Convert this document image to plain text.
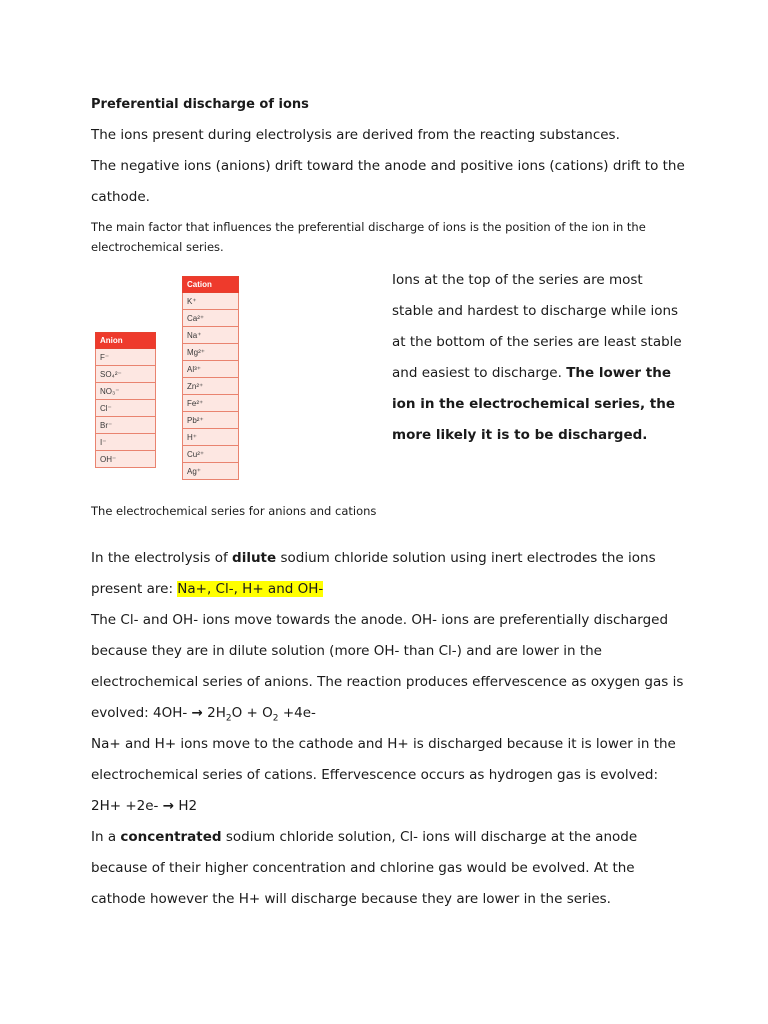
Preferential discharge of ions
The ions present during electrolysis are derived from the reacting substances.
The negative ions (anions) drift toward the anode and positive ions (cations) drift to the
cathode.
The main factor that influences the preferential discharge of ions is the position of the ion in the
electrochemical series.
Anion
F⁻
SO₄²⁻
NO₃⁻
Cl⁻
Br⁻
I⁻
OH⁻
Cation
K⁺
Ca²⁺
Na⁺
Mg²⁺
Al³⁺
Zn²⁺
Fe²⁺
Pb²⁺
H⁺
Cu²⁺
Ag⁺
Ions at the top of the series are most
stable and hardest to discharge while ions
at the bottom of the series are least stable
and easiest to discharge. The lower the
ion in the electrochemical series, the
more likely it is to be discharged.
The electrochemical series for anions and cations
In the electrolysis of dilute sodium chloride solution using inert electrodes the ions
present are: Na+, Cl-, H+ and OH-
The Cl- and OH- ions move towards the anode. OH- ions are preferentially discharged
because they are in dilute solution (more OH- than Cl-) and are lower in the
electrochemical series of anions. The reaction produces effervescence as oxygen gas is
evolved: $4OH- \to 2H_2O + O_2 +4e-$
Na+ and H+ ions move to the cathode and H+ is discharged because it is lower in the
electrochemical series of cations. Effervescence occurs as hydrogen gas is evolved:
2H+ +2e- → H2
In a concentrated sodium chloride solution, Cl- ions will discharge at the anode
because of their higher concentration and chlorine gas would be evolved. At the
cathode however the H+ will discharge because they are lower in the series.
